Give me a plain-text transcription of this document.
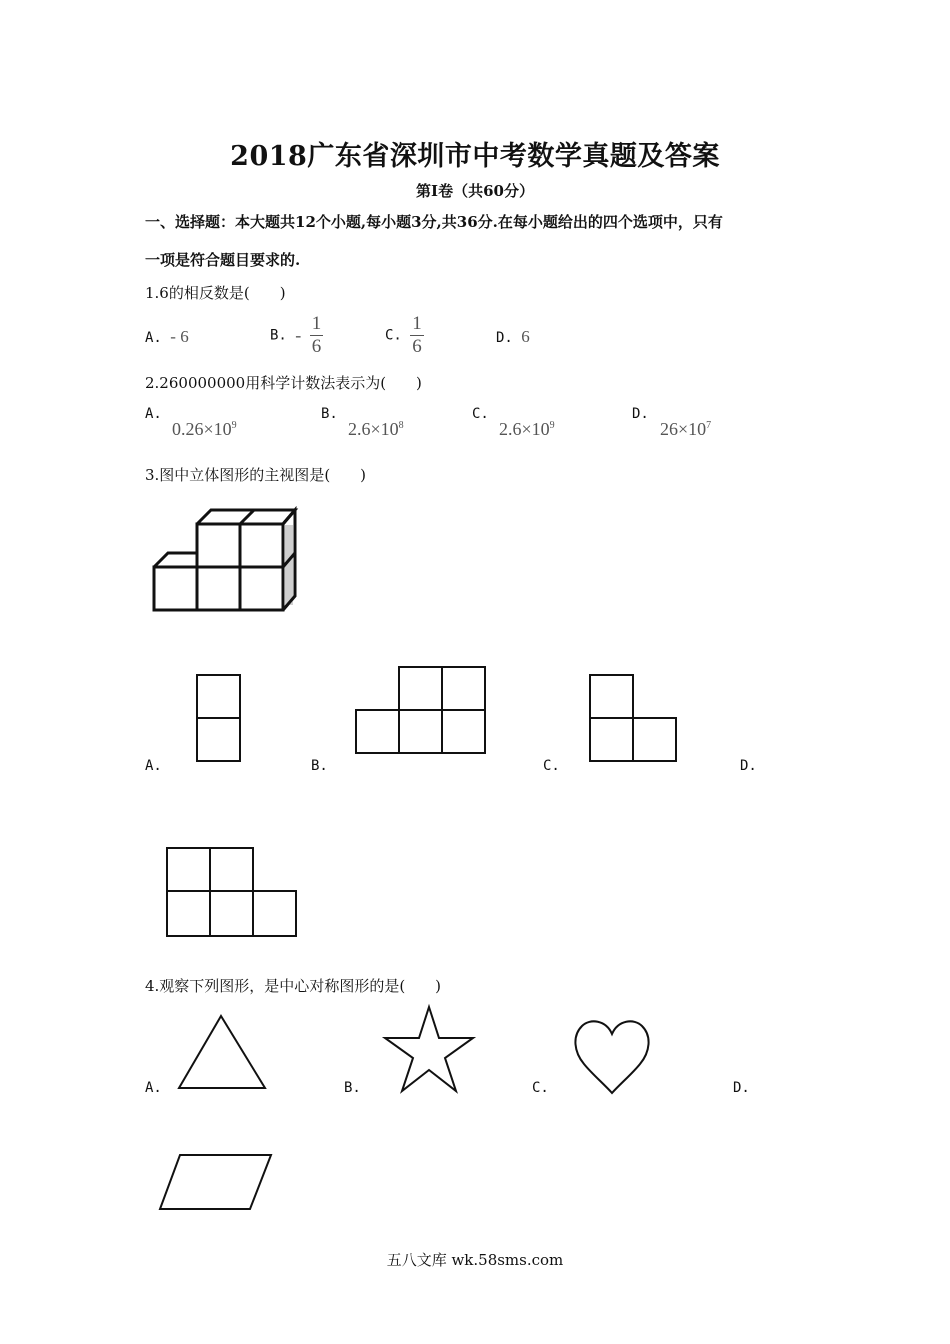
2018广东省深圳市中考数学真题及答案
第Ⅰ卷（共60分）
一、选择题：本大题共12个小题,每小题3分,共36分.在每小题给出的四个选项中，只有
一项是符合题目要求的.
1.6的相反数是(　　)
A. - 6	B. - $\frac{1}{6}$	C. $\frac{1}{6}$	D. 6
2.260000000用科学计数法表示为(　　)
A.
$0.26\times 10^9$
B.
$2.6\times 10^8$
C.
$2.6\times 10^9$
D.
$26\times 10^7$
3.图中立体图形的主视图是(　　)
A.	B.	C.	D.
4.观察下列图形，是中心对称图形的是(　　)
A.	B.	C.	D.
五八文库 wk.58sms.com
